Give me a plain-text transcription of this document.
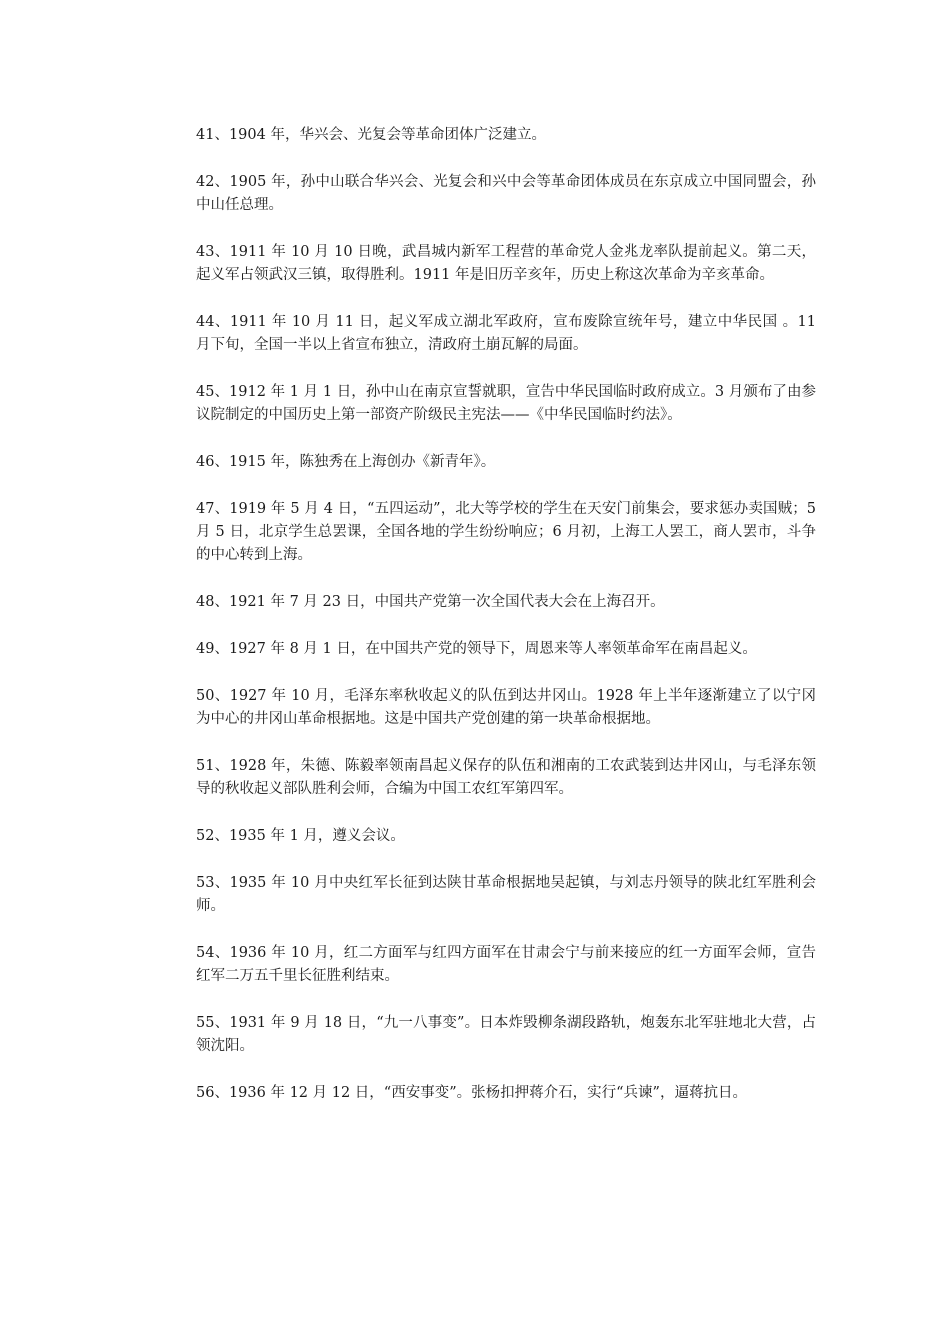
41、1904 年，华兴会、光复会等革命团体广泛建立。

42、1905 年，孙中山联合华兴会、光复会和兴中会等革命团体成员在东京成立中国同盟会，孙中山任总理。

43、1911 年 10 月 10 日晚，武昌城内新军工程营的革命党人金兆龙率队提前起义。第二天，起义军占领武汉三镇，取得胜利。1911 年是旧历辛亥年，历史上称这次革命为辛亥革命。

44、1911 年 10 月 11 日，起义军成立湖北军政府，宣布废除宣统年号，建立中华民国 。11 月下旬，全国一半以上省宣布独立，清政府土崩瓦解的局面。

45、1912 年 1 月 1 日，孙中山在南京宣誓就职，宣告中华民国临时政府成立。3 月颁布了由参议院制定的中国历史上第一部资产阶级民主宪法——《中华民国临时约法》。

46、1915 年，陈独秀在上海创办《新青年》。

47、1919 年 5 月 4 日，“五四运动”，北大等学校的学生在天安门前集会，要求惩办卖国贼；5 月 5 日，北京学生总罢课，全国各地的学生纷纷响应；6 月初，上海工人罢工，商人罢市，斗争的中心转到上海。

48、1921 年 7 月 23 日，中国共产党第一次全国代表大会在上海召开。

49、1927 年 8 月 1 日，在中国共产党的领导下，周恩来等人率领革命军在南昌起义。

50、1927 年 10 月，毛泽东率秋收起义的队伍到达井冈山。1928 年上半年逐渐建立了以宁冈为中心的井冈山革命根据地。这是中国共产党创建的第一块革命根据地。

51、1928 年，朱德、陈毅率领南昌起义保存的队伍和湘南的工农武装到达井冈山，与毛泽东领导的秋收起义部队胜利会师，合编为中国工农红军第四军。

52、1935 年 1 月，遵义会议。

53、1935 年 10 月中央红军长征到达陕甘革命根据地吴起镇，与刘志丹领导的陕北红军胜利会师。

54、1936 年 10 月，红二方面军与红四方面军在甘肃会宁与前来接应的红一方面军会师，宣告红军二万五千里长征胜利结束。

55、1931 年 9 月 18 日，“九一八事变”。日本炸毁柳条湖段路轨，炮轰东北军驻地北大营，占领沈阳。

56、1936 年 12 月 12 日，“西安事变”。张杨扣押蒋介石，实行“兵谏”，逼蒋抗日。
